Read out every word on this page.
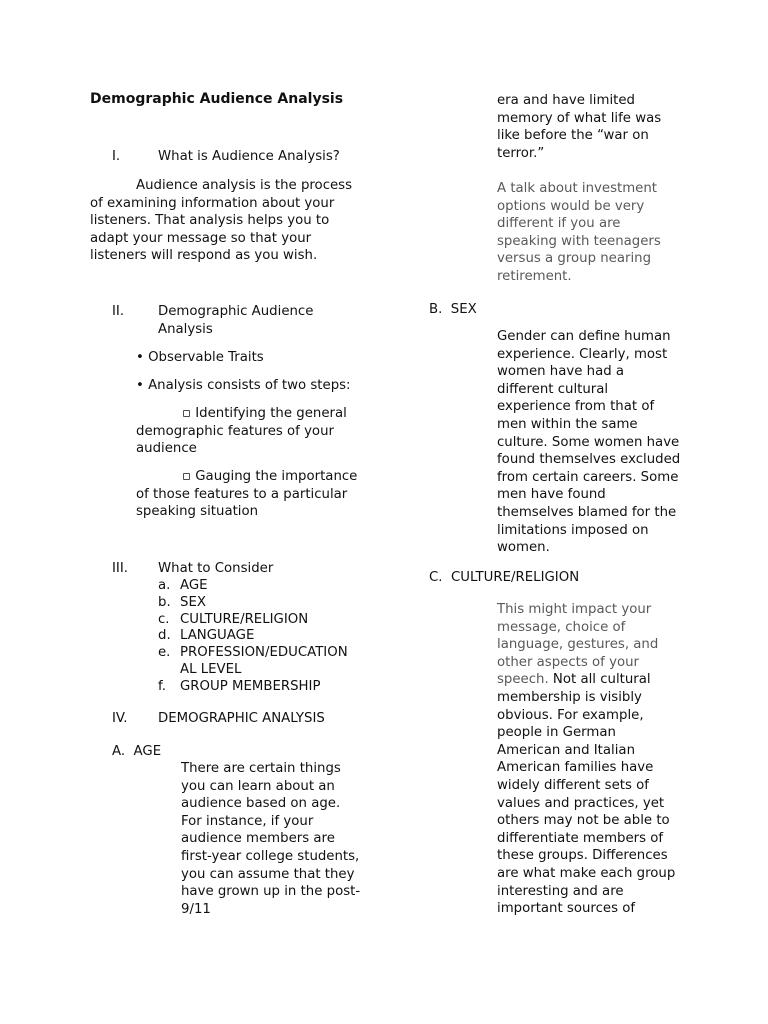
Demographic Audience Analysis
I.	What is Audience Analysis?

Audience analysis is the process of examining information about your listeners. That analysis helps you to adapt your message so that your listeners will respond as you wish.

II.	Demographic Audience
Analysis
• Observable Traits
• Analysis consists of two steps:

▫ Identifying the general demographic features of your audience

▫ Gauging the importance of those features to a particular speaking situation

III. What to Consider
a. AGE
b. SEX
c. CULTURE/RELIGION
d. LANGUAGE
e. PROFESSION/EDUCATION
AL LEVEL
f.	GROUP MEMBERSHIP
IV. DEMOGRAPHIC ANALYSIS
A.  AGE

There are certain things you can learn about an audience based on age. For instance, if your audience members are first-year college students, you can assume that they have grown up in the post-9/11

era and have limited memory of what life was like before the “war on terror.”

A talk about investment options would be very different if you are speaking with teenagers versus a group nearing retirement.

B.  SEX

Gender can define human experience. Clearly, most women have had a different cultural experience from that of men within the same culture. Some women have found themselves excluded from certain careers. Some men have found themselves blamed for the limitations imposed on women.

C.  CULTURE/RELIGION

This might impact your message, choice of language, gestures, and other aspects of your speech. Not all cultural membership is visibly obvious. For example, people in German American and Italian American families have widely different sets of values and practices, yet others may not be able to differentiate members of these groups. Differences are what make each group interesting and are important sources of
